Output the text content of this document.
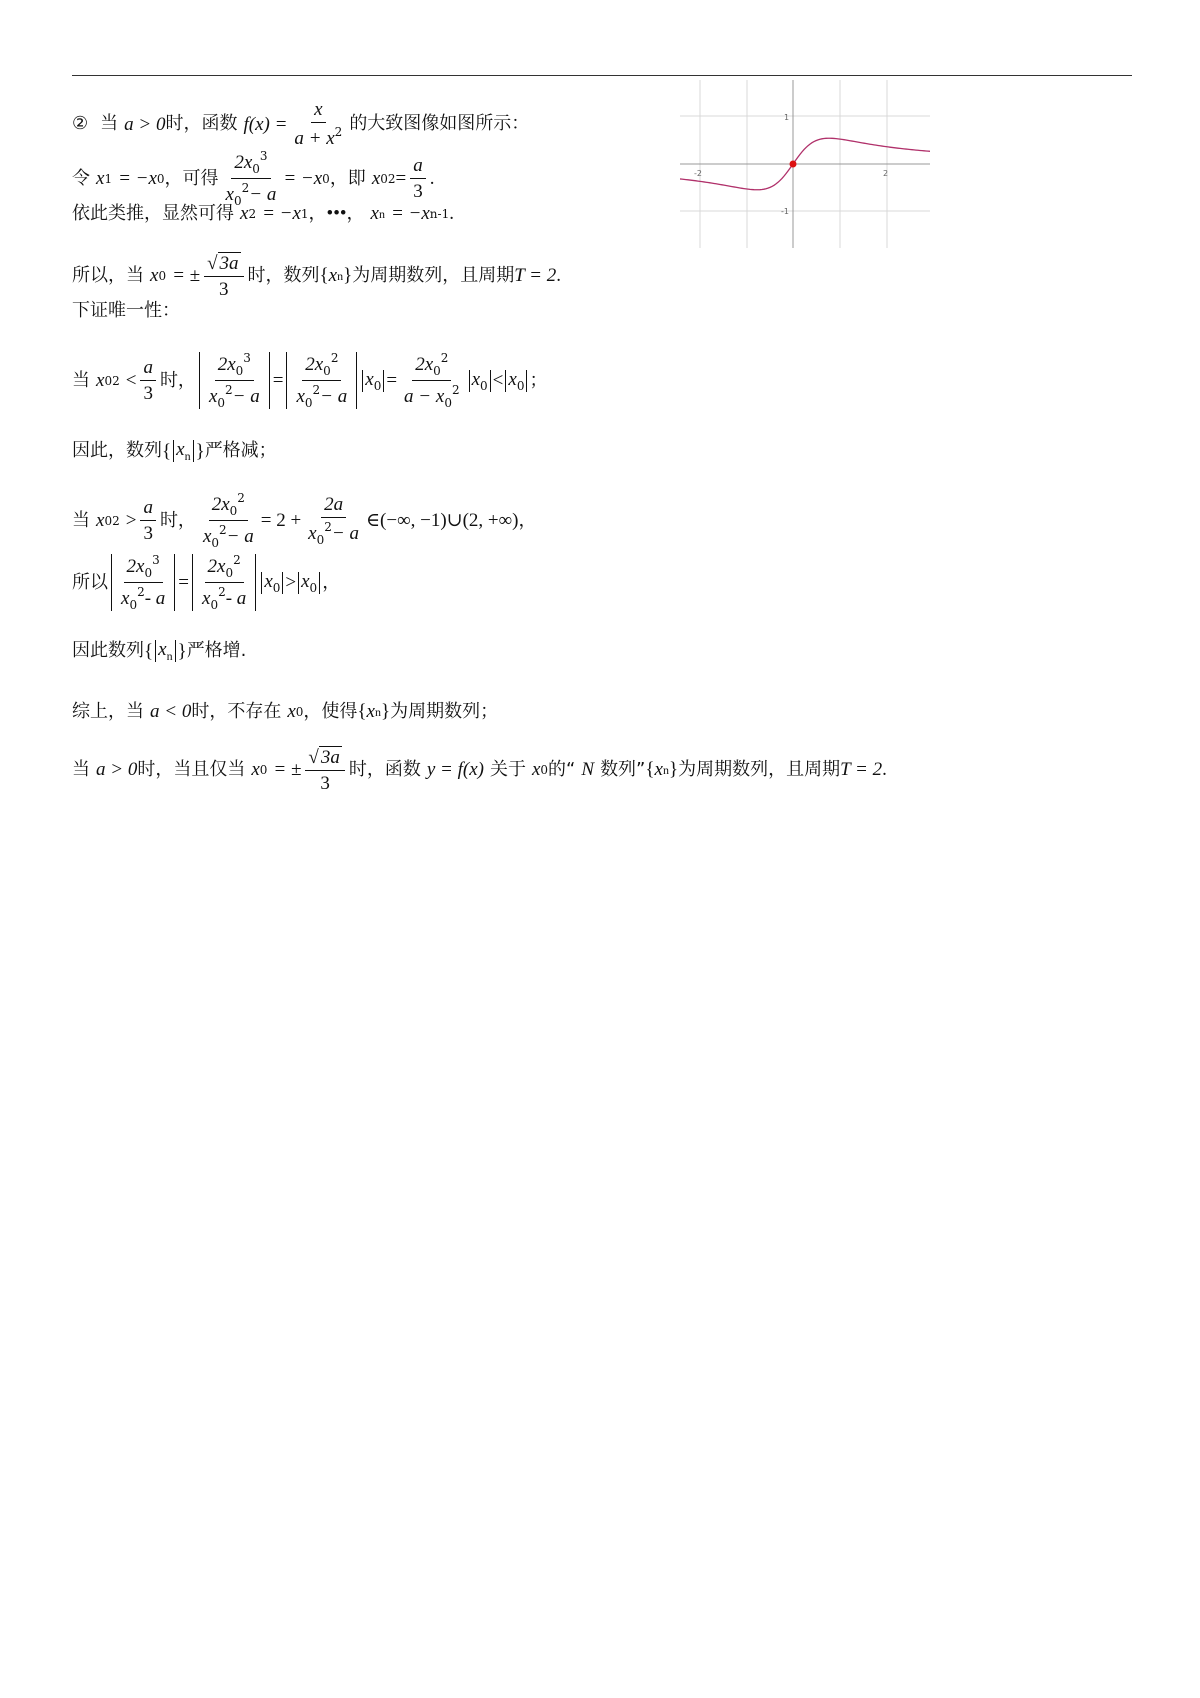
② 当 a > 0 时，函数 $f(x) = \frac{x}{a + x^2}$ 的大致图像如图所示：
令 x 1 = −x 0 ，可得 $\frac{2x_0^3}{x_0^2- a} = -x$ 0 ，即 x 0 $2 = \frac{a}{3}$ .
依此类推，显然可得 x 2 = −x 1 ， ••• ， x n = −x n-1 .
所以，当 x 0 = ± $\frac{√ 3a}{3}$ 时，数列 { x n } 为周期数列，且周期 T = 2 .
下证唯一性：
当 x 0 $2 < \frac{a}{3}$ 时， $\frac{2x_0^3}{x_0^2- a} = \frac{2x_0^2}{x_0^2- a} x_0 = \frac{2x_0^2}{a - x_0^2} x_0 < x_0$ ；
因此，数列 { $x_n$ } 严格减；
当 x 0 $2 > \frac{a}{3}$ 时， $\frac{2x_0^2}{x_0^2- a} = 2 + \frac{2a}{x_0^2- a}$ ∈(−∞, −1)∪(2, +∞) ，
所以 $\frac{2x_0^3}{x_0^2- a} = \frac{2x_0^2}{x_0^2- a} x_0 > x_0$ ，
因此数列 { $x_n$ } 严格增.
综上，当 a < 0 时，不存在 x 0 ，使得 { x n } 为周期数列；
当 a > 0 时，当且仅当 x 0 = ± $\frac{√ 3a}{3}$ 时，函数 y = f(x) 关于 x 0 的“ N 数列” { x n } 为周期数列，且周期 T = 2 .
-2	2
1
-1
